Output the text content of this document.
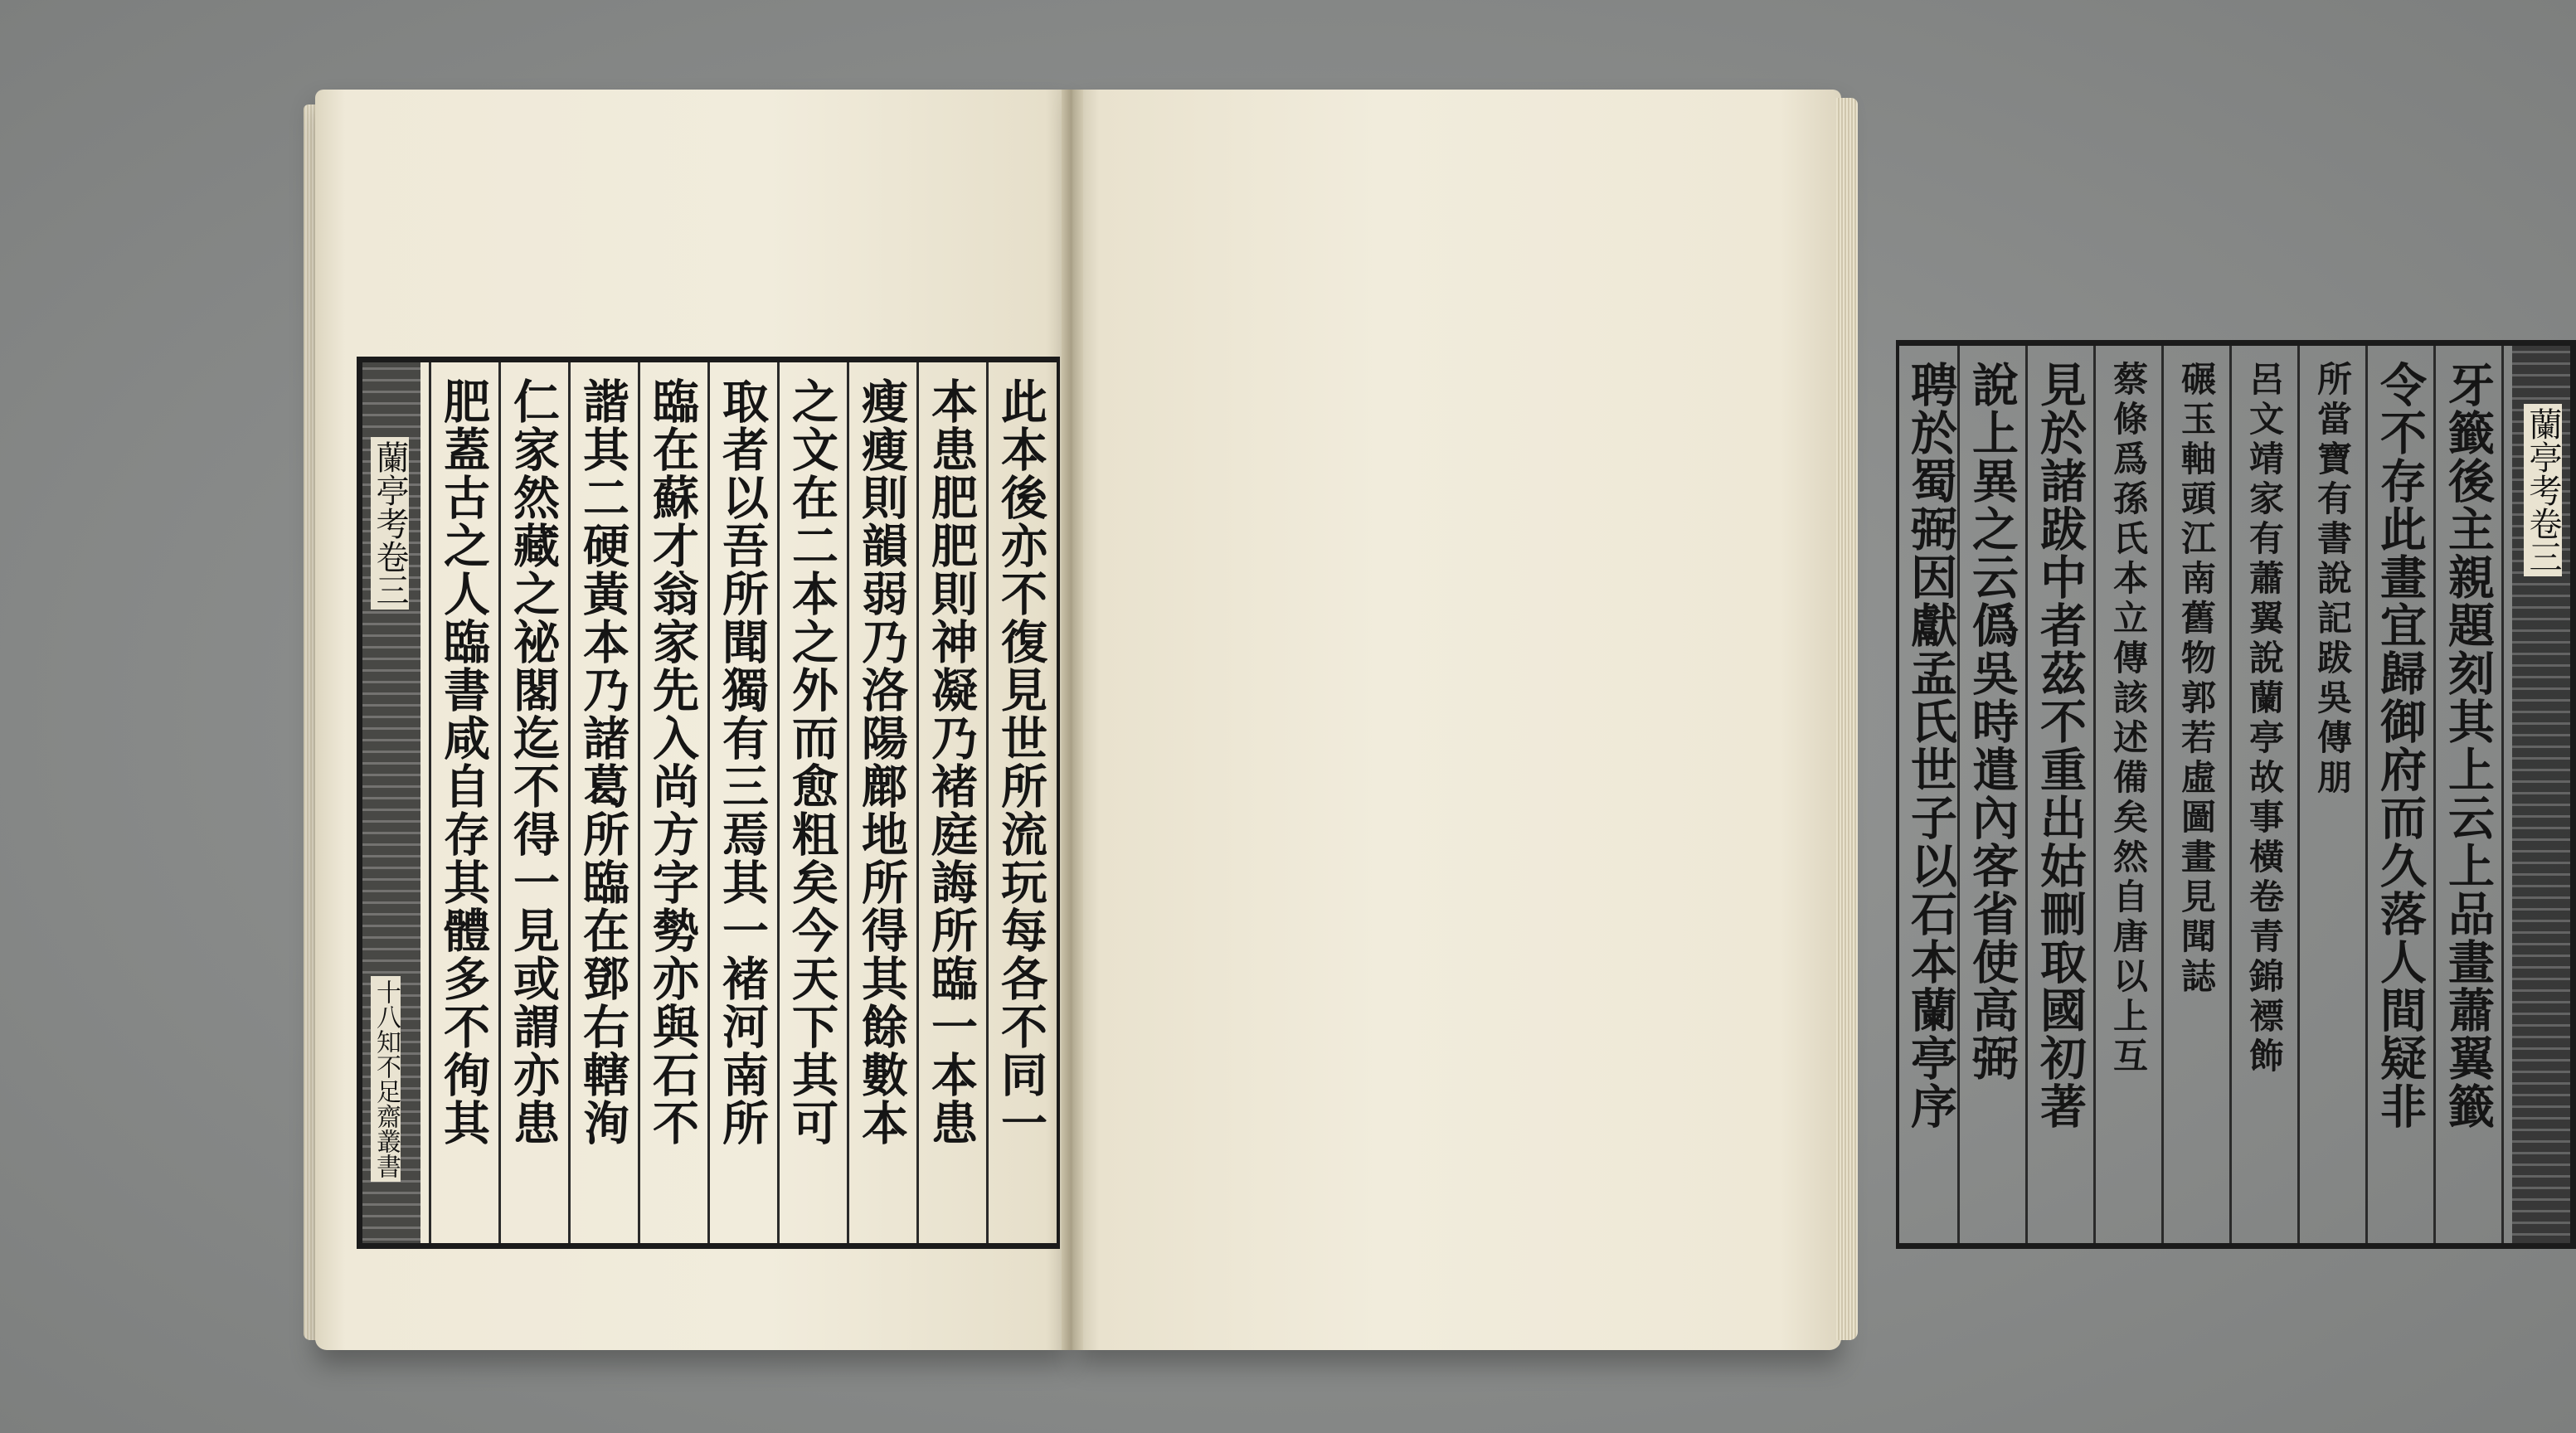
蘭亭考卷三
十八知不足齋叢書	此本後亦不復見世所流玩每各不同一
本患肥肥則神凝乃褚庭誨所臨一本患
瘦瘦則韻弱乃洛陽鄜地所得其餘數本
之文在二本之外而愈粗矣今天下其可
取者以吾所聞獨有三焉其一褚河南所
臨在蘇才翁家先入尚方字勢亦與石不
諧其二硬黃本乃諸葛所臨在鄧右轄洵
仁家然藏之祕閣迄不得一見或謂亦患
肥蓋古之人臨書咸自存其體多不徇其	蘭亭考卷三
牙籤後主親題刻其上云上品畫蕭翼籤
令不存此畫宜歸御府而久落人間疑非
所當寶有書說記跋吳傳朋
呂文靖家有蕭翼說蘭亭故事橫卷青錦褾飾
碾玉軸頭江南舊物郭若虛圖畫見聞誌
蔡條爲孫氏本立傳該述備矣然自唐以上互
見於諸跋中者茲不重出姑刪取國初著
說上異之云僞吳時遣內客省使高弼
聘於蜀弼因獻孟氏世子以石本蘭亭序
